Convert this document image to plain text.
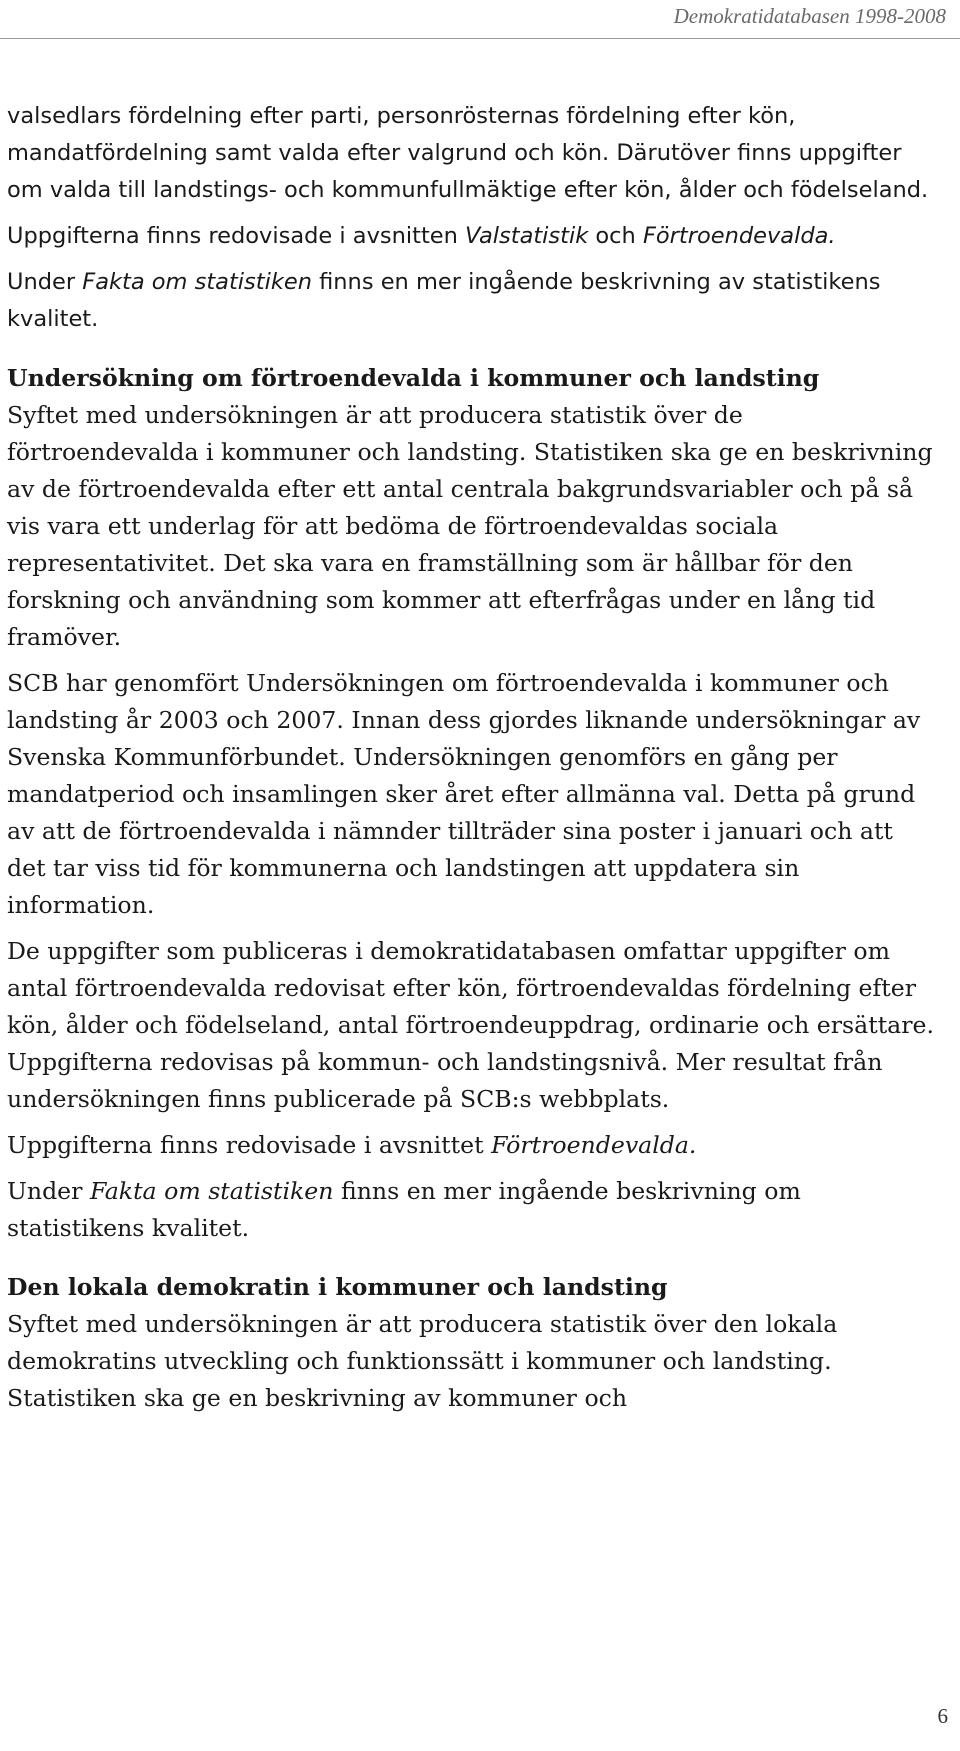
Demokratidatabasen 1998-2008

valsedlars fördelning efter parti, personrösternas fördelning efter kön, mandatfördelning samt valda efter valgrund och kön. Därutöver finns uppgifter om valda till landstings- och kommunfullmäktige efter kön, ålder och födelseland.

Uppgifterna finns redovisade i avsnitten Valstatistik och Förtroendevalda.

Under Fakta om statistiken finns en mer ingående beskrivning av statistikens kvalitet.

Undersökning om förtroendevalda i kommuner och landsting
Syftet med undersökningen är att producera statistik över de förtroendevalda i kommuner och landsting. Statistiken ska ge en beskrivning av de förtroendevalda efter ett antal centrala bakgrundsvariabler och på så vis vara ett underlag för att bedöma de förtroendevaldas sociala representativitet. Det ska vara en framställning som är hållbar för den forskning och användning som kommer att efterfrågas under en lång tid framöver.

SCB har genomfört Undersökningen om förtroendevalda i kommuner och landsting år 2003 och 2007. Innan dess gjordes liknande undersökningar av Svenska Kommunförbundet. Undersökningen genomförs en gång per mandatperiod och insamlingen sker året efter allmänna val. Detta på grund av att de förtroendevalda i nämnder tillträder sina poster i januari och att det tar viss tid för kommunerna och landstingen att uppdatera sin information.

De uppgifter som publiceras i demokratidatabasen omfattar uppgifter om antal förtroendevalda redovisat efter kön, förtroendevaldas fördelning efter kön, ålder och födelseland, antal förtroendeuppdrag, ordinarie och ersättare. Uppgifterna redovisas på kommun- och landstingsnivå. Mer resultat från undersökningen finns publicerade på SCB:s webbplats.

Uppgifterna finns redovisade i avsnittet Förtroendevalda.

Under Fakta om statistiken finns en mer ingående beskrivning om statistikens kvalitet.

Den lokala demokratin i kommuner och landsting
Syftet med undersökningen är att producera statistik över den lokala demokratins utveckling och funktionssätt i kommuner och landsting. Statistiken ska ge en beskrivning av kommuner och
6
